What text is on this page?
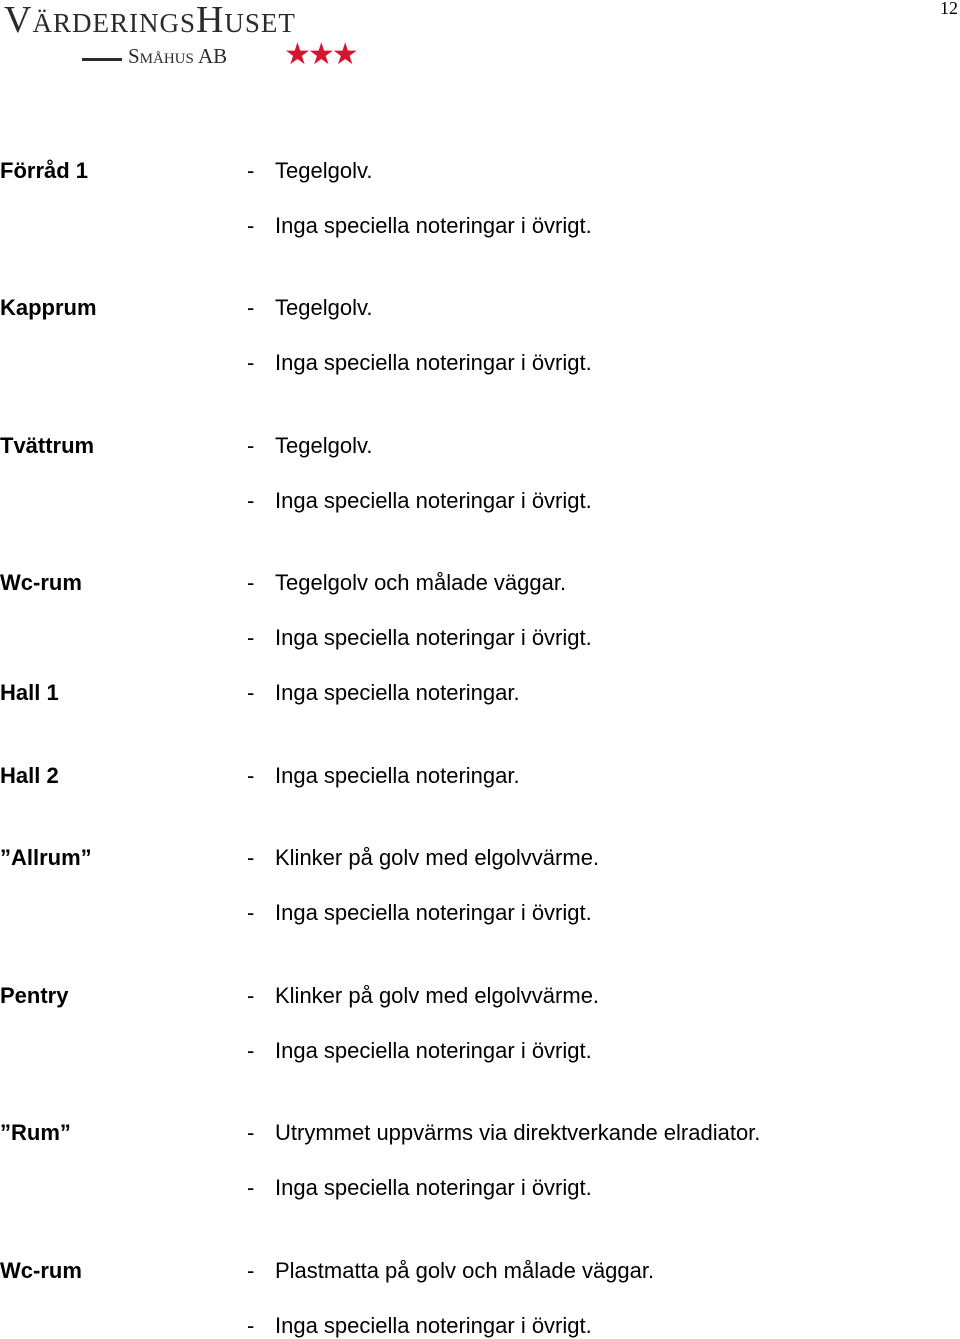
12
VärderingsHuset
Småhus AB ★★★
Förråd 1	- Tegelgolv.
- Inga speciella noteringar i övrigt.
Kapprum	- Tegelgolv.
- Inga speciella noteringar i övrigt.
Tvättrum	- Tegelgolv.
- Inga speciella noteringar i övrigt.
Wc-rum	- Tegelgolv och målade väggar.
- Inga speciella noteringar i övrigt.
Hall 1	- Inga speciella noteringar.
Hall 2	- Inga speciella noteringar.
”Allrum”	- Klinker på golv med elgolvvärme.
- Inga speciella noteringar i övrigt.
Pentry	- Klinker på golv med elgolvvärme.
- Inga speciella noteringar i övrigt.
”Rum”	- Utrymmet uppvärms via direktverkande elradiator.
- Inga speciella noteringar i övrigt.
Wc-rum	- Plastmatta på golv och målade väggar.
- Inga speciella noteringar i övrigt.
